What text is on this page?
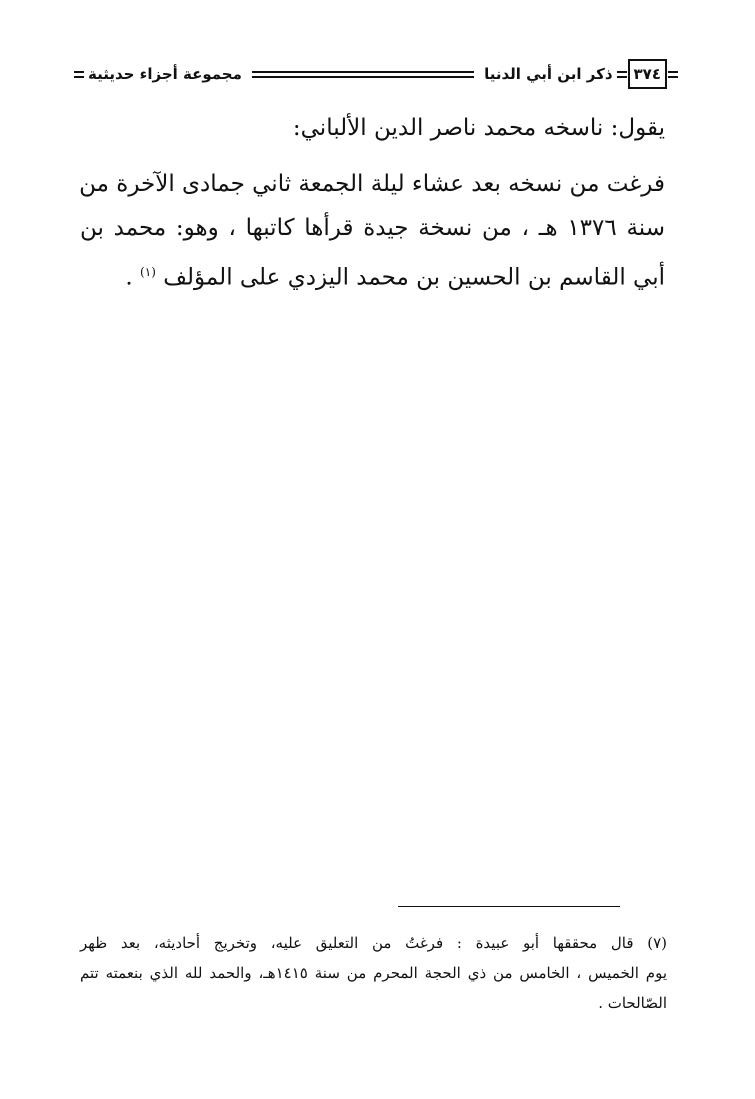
٣٧٤
ذكر ابن أبي الدنيا
مجموعة أجزاء حديثية
يقول: ناسخه محمد ناصر الدين الألباني:
فرغت من نسخه بعد عشاء ليلة الجمعة ثاني جمادى الآخرة من
سنة ١٣٧٦ هـ ، من نسخة جيدة قرأها كاتبها ، وهو: محمد بن
أبي القاسم بن الحسين بن محمد اليزدي على المؤلف $^{(١)}$ .
(٧) قال محققها أبو عبيدة : فرغتُ من التعليق عليه، وتخريج أحاديثه، بعد ظهر
يوم الخميس ، الخامس من ذي الحجة المحرم من سنة ١٤١٥هـ، والحمد لله الذي بنعمته تتم
الصّالحات .
